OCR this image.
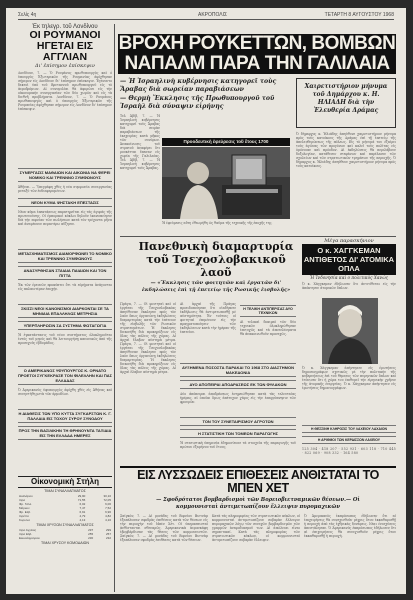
Σελίς 4η	ΑΚΡΟΠΟΛΙΣ	ΤΕΤΑΡΤΗ 8 ΑΥΓΟΥΣΤΟΥ 1968
Έκ τηλεγρ. τοῦ Λονδίνου
ΟΙ ΡΟΥΜΑΝΟΙ ΗΓΕΤΑΙ ΕΙΣ ΑΓΓΛΙΑΝ
Δι' ἐπίσημον ἐπίσκεψιν
Λονδίνον, 7. — Ὁ Ρουμάνος πρωθυπουργὸς καὶ ὁ ὑπουργὸς Ἐξωτερικῶν τῆς Ρουμανίας ἀφίχθησαν σήμερον εἰς Λονδῖνον δι' ἐπίσημον ἐπίσκεψιν. Ἐγένοντο δεκτοὶ ὑπὸ τοῦ Βρεταννοῦ πρωθυπουργοῦ εἰς τὸ ἀεροδρόμιον. Αἱ συνομιλίαι θὰ ἀφορῶσι εἰς τὴν οἰκονομικὴν συνεργασίαν τῶν δύο χωρῶν καὶ εἰς τὰ διεθνῆ προβλήματα. Λονδίνον, 7. — Ὁ Ρουμάνος πρωθυπουργὸς καὶ ὁ ὑπουργὸς Ἐξωτερικῶν τῆς Ρουμανίας ἀφίχθησαν σήμερον εἰς Λονδῖνον δι' ἐπίσημον ἐπίσκεψιν.
ΣΥΝΕΡΓΑΣΙΣ ΜΑΘΑΙΩΝ ΚΑΙ ΑΙΚΩΝΙΑ ΝΑ ΦΕΡΕΙ ΝΟΜΙΚΟ ΚΑΙ ΤΡΕΝΝΝΟ ΣΥΜΦΩΝΟΥΣ
Ἀθῆναι. — Ὑπεγράφη χθὲς ἡ νέα συμφωνία συνεργασίας μεταξὺ τῶν ἐνδιαφερομένων.
ΝΕΟΝ ΚΥΜΑ ΨΗΣΤΑΚΗ ΕΠΕΣΤΑΣΙΣ
Νέον κῦμα ἐπεκτάσεως παρατηρεῖται εἰς τὰς ἀγορὰς τῆς πρωτευούσης. Οἱ ἐμπορικοὶ κύκλοι δηλοῦν ἱκανοποίησιν διὰ τὴν πορείαν τῶν πωλήσεων κατὰ τὸν τρέχοντα μῆνα καὶ ἀναμένουν περαιτέρω αὔξησιν.
ΜΕΤΑΣΧΗΜΑΤΙΣΜΟΣ ΔΙΑΜΟΡΦΩΝΕΙ ΤΟ ΝΟΜΙΚΟ ΚΑΙ ΤΡΕΝΝΝΟ ΣΥΜΦΩΝΟΥΣ
ΑΝΑΣΥΡΘΗΣΑΝ ΣΤΑΙΔΙΑ ΠΑΙΔΙΩΝ ΚΑΙ ΤΟΝ ΠΙΤΤΑ
Ἐκ τῶν ἐρευνῶν προκύπτει ὅτι τὰ εὑρήματα ἀνάγονται εἰς παλαιοτέραν ἐποχήν.
ΣΚΙΣΣΙ ΝΕΟΙ ΚΑΝΟΝΙΣΜΟΙ ΔΙΑΡΚΟΝΤΑΙ ΣΕ ΤΑ ΜΗΝΙΑΙΑ ΕΠΑΛΛΗΛΩΣ ΜΕΤΡΗΣΙΑ
ΥΠΕΡΠΛΗΡΩΣΙΝ ΣΑ ΣΥΣΤΗΜΑ ΦΩΤΑΓΩΓΙΑ
Ἡ ἐγκατάστασις τοῦ νέου συστήματος ὁλοκληροῦται ἐντὸς τοῦ μηνὸς καὶ θὰ λειτουργήσῃ κανονικῶς ἀπὸ τῆς προσεχοῦς ἑβδομάδος.
Ο ΑΜΕΡΙΚΑΝΟΣ ΥΦΥΠΟΥΡΓΟΣ Κ. ΟΡΝΑΤΟ ΠΡΟΕΤΟΙ ΣΥΓΚΕΚΡΑΣΕ ΤΟΝ ΦΙΛΕΛΛΗΝ ΚΑΙ ΠΑΣ ΕΛΛΑΔΑΣ
Ὁ Ἀμερικανὸς ὑφυπουργὸς ἀφίχθη χθὲς εἰς Ἀθήνας καὶ συνηντήθη μετὰ τῶν ἁρμοδίων.
Η ΔΙΑΘΕΣΙΣ ΤΩΝ ΥΠΟ ΚΥΤΤΑ ΣΥΓΚΑΡΣΤΩΝ Κ. Γ. ΠΑΛΛΑΙΑ ΕΙΣ ΤΟΧΟΥ ΣΥΡΟΥ ΣΥΝΟΔΟΥ
ΠΡΟΣ ΤΗΝ ΒΑΣΙΛΙΚΗΝ ΤΗ ΘΡΗΝΟΥΝΤΑ ΤΑΞΙΔΙΑ ΕΙΣ ΤΗΝ ΕΛΛΑΔΑ ΗΜΕΡΕΣ
Οἰκονομικὴ Στήλη
ΤΙΜΑΙ ΣΥΝΑΛΛΑΓΜΑΤΟΣ
Δολλάριον	29,90	30,10
Λίρα	71,55	72,05
Φρ. Γαλλ.	6,02	6,06
Μάρκον	7,47	7,52
Φρ. Ελβ.	6,91	6,96
Λιρέττα	4,79	4,82
Κορώνα	4,13	4,16
ΤΙΜΑΙ ΧΡΥΣΩΝ ΣΥΝΑΛΛΑΓΜΑΤΟΣ
Λίρα Αγγλίας	297	299
Λίρα Ελβ.	255	257
Εικοσάφραγκον	230	232
ΤΙΜΑΙ ΧΡΥΣΟΥ ΚΟΜΟΔΑΙΩΝ
ΒΡΟΧΗ ΡΟΥΚΕΤΤΩΝ, ΒΟΜΒΩΝ ΝΑΠΑΛΜ ΠΑΡΑ ΤΗΝ ΓΑΛΙΛΑΙΑ
— Ἡ Ἰσραηλινὴ κυβέρνησις κατηγορεῖ τοὺς Ἄραβας διὰ σωρείαν παραβιάσεων
— Θερμὴ Ἔκκλησις τῆς Πρωθυπουργοῦ τοῦ Ἰσραὴλ διὰ σύναψιν εἰρήνης
Χαιρετιστήριον μήνυμα τοῦ Δημάρχου κ. Η. ΗΛΙΑΔΗ διὰ τὴν Ἐλευθερία Δράμας
Ὁ δήμαρχος κ. Ἠλιάδης ἀπηύθυνε χαιρετιστήριον μήνυμα πρὸς τοὺς κατοίκους τῆς Δράμας ἐπὶ τῇ ἐπετείῳ τῆς ἀπελευθερώσεως τῆς πόλεως. Εἰς τὸ μήνυμά του ἐξαίρει τοὺς ἀγῶνας τῶν προγόνων καὶ καλεῖ τοὺς πολίτας εἰς ὁμόνοιαν καὶ πρόοδον. Αἱ ἐκδηλώσεις θὰ περιλάβουν δοξολογίαν, κατάθεσιν στεφάνων καὶ παρέλασιν τῶν σχολείων καὶ τῶν στρατιωτικῶν τμημάτων τῆς περιοχῆς. Ὁ δήμαρχος κ. Ἠλιάδης ἀπηύθυνε χαιρετιστήριον μήνυμα πρὸς τοὺς κατοίκους.
Τελ Ἀβίβ, 7. — Ἡ Ἰσραηλινὴ κυβέρνησις κατηγορεῖ τοὺς Ἄραβας διὰ σειρὰν παραβιάσεων τῆς ἐκεχειρίας κατὰ μῆκος τῶν συνόρων. Ἀνακοίνωσις τοῦ στρατοῦ ἀναφέρει ὅτι ρουκέτται ἔπεσαν εἰς χωρία τῆς Γαλιλαίας. Τελ Ἀβίβ, 7. — Ἡ Ἰσραηλινὴ κυβέρνησις κατηγορεῖ τοὺς Ἄραβας.
Προοδευτικὴ ἐφεύρεσις τοῦ ἔτους 1700
Ἡ ἐφεύρεσις αὕτη ἐθεωρήθη ὡς θαῦμα τῆς τεχνικῆς τῆς ἐποχῆς της.
Πανεθνικὴ διαμαρτυρία τοῦ Τσεχοσλοβακικοῦ λαοῦ
— «Ἔκκλησις τῶν φοιτητῶν καὶ ἐργατῶν δι' ἐκδηλώσεις ἐπὶ τῇ ἐπετείῳ τῆς Ρωσικῆς ἐισβολῆς»
Μέγα παρασκήνιον
Ο κ. ΧΑΓΓΚΕΜΑΝ ΑΝΤΙΘΕΤΟΣ ΔΙ' ΑΤΟΜΙΚΑ ΟΠΛΑ
Ἡ Ἰνδονησία καὶ ο πολιτικὸς Χανώς
Πράγα, 7. — Οἱ φοιτηταὶ καὶ οἱ ἐργάται τῆς Τσεχοσλοβακίας ἀπηύθυναν ἔκκλησιν πρὸς τὸν λαὸν ὅπως ὀργανώσῃ ἐκδηλώσεις διαμαρτυρίας κατὰ τὴν ἐπέτειον τῆς εἰσβολῆς τῶν Ρωσικῶν στρατευμάτων. Ἡ ἔκκλησις διεκινήθη διὰ προκηρύξεων εἰς ὅλας τὰς πόλεις τῆς χώρας. Αἱ ἀρχαὶ ἔλαβον αὐστηρὰ μέτρα. Πράγα, 7. — Οἱ φοιτηταὶ καὶ οἱ ἐργάται τῆς Τσεχοσλοβακίας ἀπηύθυναν ἔκκλησιν πρὸς τὸν λαὸν ὅπως ὀργανώσῃ ἐκδηλώσεις διαμαρτυρίας. Ἡ ἔκκλησις διεκινήθη διὰ προκηρύξεων εἰς ὅλας τὰς πόλεις τῆς χώρας. Αἱ ἀρχαὶ ἔλαβον αὐστηρὰ μέτρα.
Αἱ ἀρχαὶ τῆς Πράγας προειδοποίησαν ὅτι οἱαδήποτε ἐκδήλωσις θὰ ἀντιμετωπισθῇ μὲ αὐστηρότητα. Ἐν τούτοις οἱ φοιτηταὶ ἐπιμένουν εἰς τὴν πραγματοποίησιν τῶν ἐκδηλώσεων κατὰ τὴν ἡμέραν τῆς ἐπετείου.
Η ΤΕΛΙΚΗ ΑΝΤΙΠΕΡΙΣΑΣ ΔΥΟ ΤΕΧΝΙΚΩΝ
Αἱ τελικαὶ δοκιμαὶ τῶν δύο τεχνικῶν ὁλοκληρώθησαν ἐπιτυχῶς καὶ τὰ ἀποτελέσματα θὰ ἀνακοινωθοῦν προσεχῶς.
ΑΥΞΗΜΕΝΑ ΠΟΣΟΣΤΑ ΠΑΡΑΚΑΙ ΤΟ 1968 ΣΤΟ ΔΙΑΣΤΗΜΟΝ ΜΑΚΕΔΟΝΙΑ
ΔΥΟ ΑΠΟΠΕΙΡΑΙ ΑΠΟΔΡΑΣΕΩΣ ΕΚ ΤΩΝ ΦΥΛΑΚΩΝ
Δύο ἀπόπειραι ἀποδράσεως ἐσημειώθησαν κατὰ τὰς τελευταίας ἡμέρας, αἱ ὁποῖαι ὅμως ἀπέτυχον χάρις εἰς τὴν ἐπαγρύπνησιν τῶν φρουρῶν.
ΤΟΝ ΤΟΥ ΣΥΝΕΤΑΙΡΙΣΜΟΥ ΑΓΡΟΤΩΝ
Η ΣΤΑΤΙΣΤΙΚΗ ΤΩΝ ΤΟΜΕΩΝ ΠΑΡΑΓΩΓΗΣ
Ἡ στατιστικὴ ὑπηρεσία ἐδημοσίευσε τὰ στοιχεῖα τῆς παραγωγῆς τοῦ πρώτου ἑξαμήνου τοῦ ἔτους.
Ὁ κ. Χάγγκεμαν ἐδήλωσεν ὅτι ἀντιτίθεται εἰς τὴν ἀπόκτησιν ἀτομικῶν ὅπλων.
Ὁ κ. Χάγγκεμαν ἀπήντησεν εἰς ἐρωτήσεις δημοσιογράφων σχετικῶς μὲ τὴν πολιτικὴν τῆς κυβερνήσεως ἐπὶ τοῦ θέματος τῶν πυρηνικῶν ὅπλων καὶ ἐτόνισεν ὅτι ἡ χώρα του ἐπιθυμεῖ τὴν εἰρηνικὴν χρῆσιν τῆς ἀτομικῆς ἐνεργείας. Ὁ κ. Χάγγκεμαν ἀπήντησεν εἰς ἐρωτήσεις δημοσιογράφων.
Η ΘΕΣΣΙΝΗ ΚΛΗΡΟΣΙΣ ΤΟΥ ΛΑΧΕΙΟΥ ΛΑΧΑΙΟΝ
Η ΑΡΙΘΜΟΙ ΤΩΝ ΚΕΡΔΙΣΣΩΝ ΛΑΧΕΙΟΥ
125 304 · 418 207 · 552 931 · 603 118 · 710 445 · 822 069 · 908 332 · 164 580
ΕΙΣ ΛΥΣΣΩΔΕΙΣ ΕΠΙΘΕΣΕΙΣ ΑΝΘΙΣΤΑΤΑΙ ΤΟ ΜΠΕΝ ΧΕΤ
— Σφοδρότατοι βομβαρδισμοὶ τῶν Βορειοβιετναμικῶν θέσεων.— Οἱ κομμουνισταὶ ἀντιμετωπίζουν ἔλλειψιν πυρομαχικῶν
Σαϊγκόν, 7. — Αἱ μονάδες τοῦ Βορείου Βιετνὰμ ἐξαπέλυσαν σφοδρὰς ἐπιθέσεις κατὰ τῶν θέσεων εἰς τὴν περιοχὴν τοῦ Μπὲν Χέτ. Οἱ ὑπερασπισταὶ ἀνθίστανται σθεναρῶς. Ἀμερικανικὰ ἀεροσκάφη ἐβομβάρδισαν τὰς θέσεις τῶν κομμουνιστῶν. Σαϊγκόν, 7. — Αἱ μονάδες τοῦ Βορείου Βιετνὰμ ἐξαπέλυσαν σφοδρὰς ἐπιθέσεις κατὰ τῶν θέσεων.
Κατὰ τὰς πληροφορίας τῶν στρατιωτικῶν κύκλων, οἱ κομμουνισταὶ ἀντιμετωπίζουν σοβαρὰν ἔλλειψιν πυρομαχικῶν λόγῳ τῶν συνεχῶν βομβαρδισμῶν τῶν γραμμῶν ἀνεφοδιασμοῦ των. Αἱ ἀπώλειαι εἶναι σημαντικαί. Κατὰ τὰς πληροφορίας τῶν στρατιωτικῶν κύκλων, οἱ κομμουνισταὶ ἀντιμετωπίζουν σοβαρὰν ἔλλειψιν.
Ὁ Ἀμερικανὸς ἐκπρόσωπος ἐδήλωσεν ὅτι αἱ ἐπιχειρήσεις θὰ συνεχισθοῦν μέχρις ὅτου ἐκκαθαρισθῇ ἡ περιοχὴ ἀπὸ τὰς ἐχθρικὰς δυνάμεις. Νέαι ἐνισχύσεις ἀπεστάλησαν. Ὁ Ἀμερικανὸς ἐκπρόσωπος ἐδήλωσεν ὅτι αἱ ἐπιχειρήσεις θὰ συνεχισθοῦν μέχρις ὅτου ἐκκαθαρισθῇ ἡ περιοχή.
